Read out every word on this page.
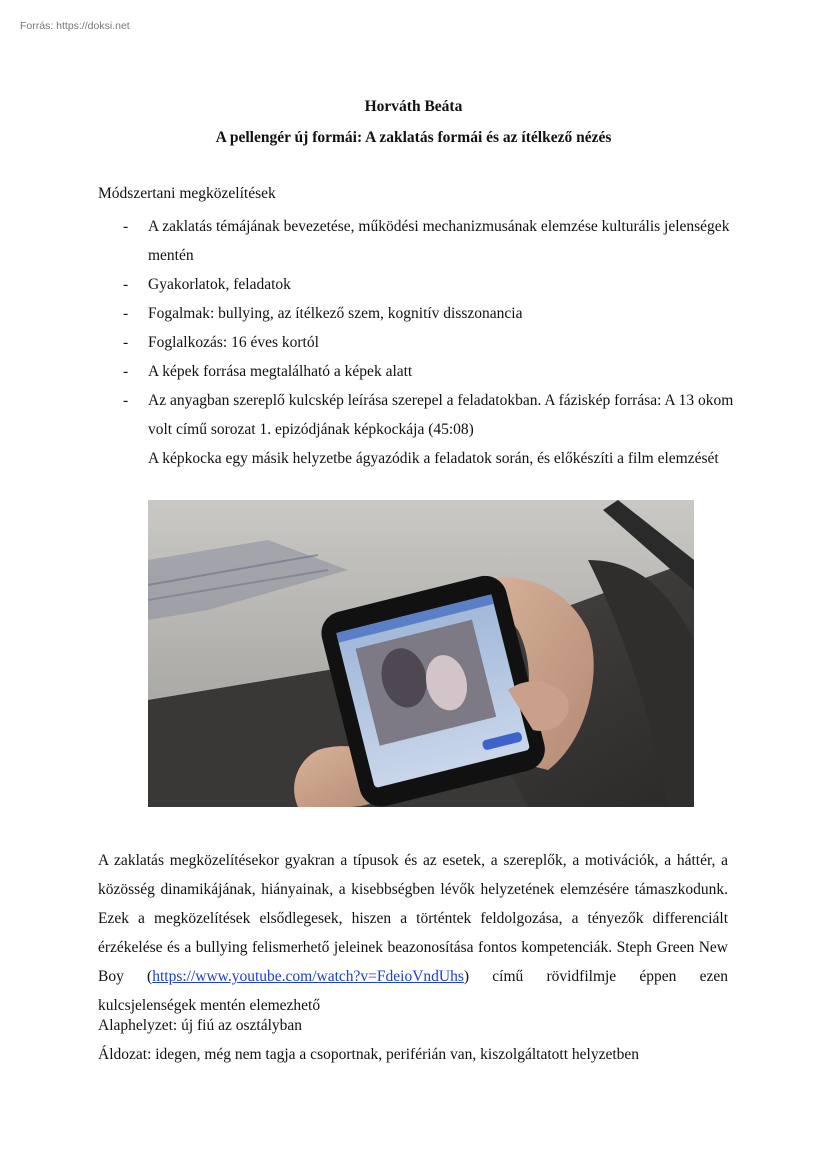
Forrás: https://doksi.net
Horváth Beáta
A pellengér új formái: A zaklatás formái és az ítélkező nézés
Módszertani megközelítések
- A zaklatás témájának bevezetése, működési mechanizmusának elemzése kulturális jelenségek mentén
- Gyakorlatok, feladatok
- Fogalmak: bullying, az ítélkező szem, kognitív disszonancia
- Foglalkozás: 16 éves kortól
- A képek forrása megtalálható a képek alatt
- Az anyagban szereplő kulcskép leírása szerepel a feladatokban. A fáziskép forrása: A 13 okom volt című sorozat 1. epizódjának képkockája (45:08)
A képkocka egy másik helyzetbe ágyazódik a feladatok során, és előkészíti a film elemzését

A zaklatás megközelítésekor gyakran a típusok és az esetek, a szereplők, a motivációk, a háttér, a közösség dinamikájának, hiányainak, a kisebbségben lévők helyzetének elemzésére támaszkodunk. Ezek a megközelítések elsődlegesek, hiszen a történtek feldolgozása, a tényezők differenciált érzékelése és a bullying felismerhető jeleinek beazonosítása fontos kompetenciák. Steph Green New Boy (https://www.youtube.com/watch?v=FdeioVndUhs) című rövidfilmje éppen ezen kulcsjelenségek mentén elemezhető

Alaphelyzet: új fiú az osztályban
Áldozat: idegen, még nem tagja a csoportnak, periférián van, kiszolgáltatott helyzetben
